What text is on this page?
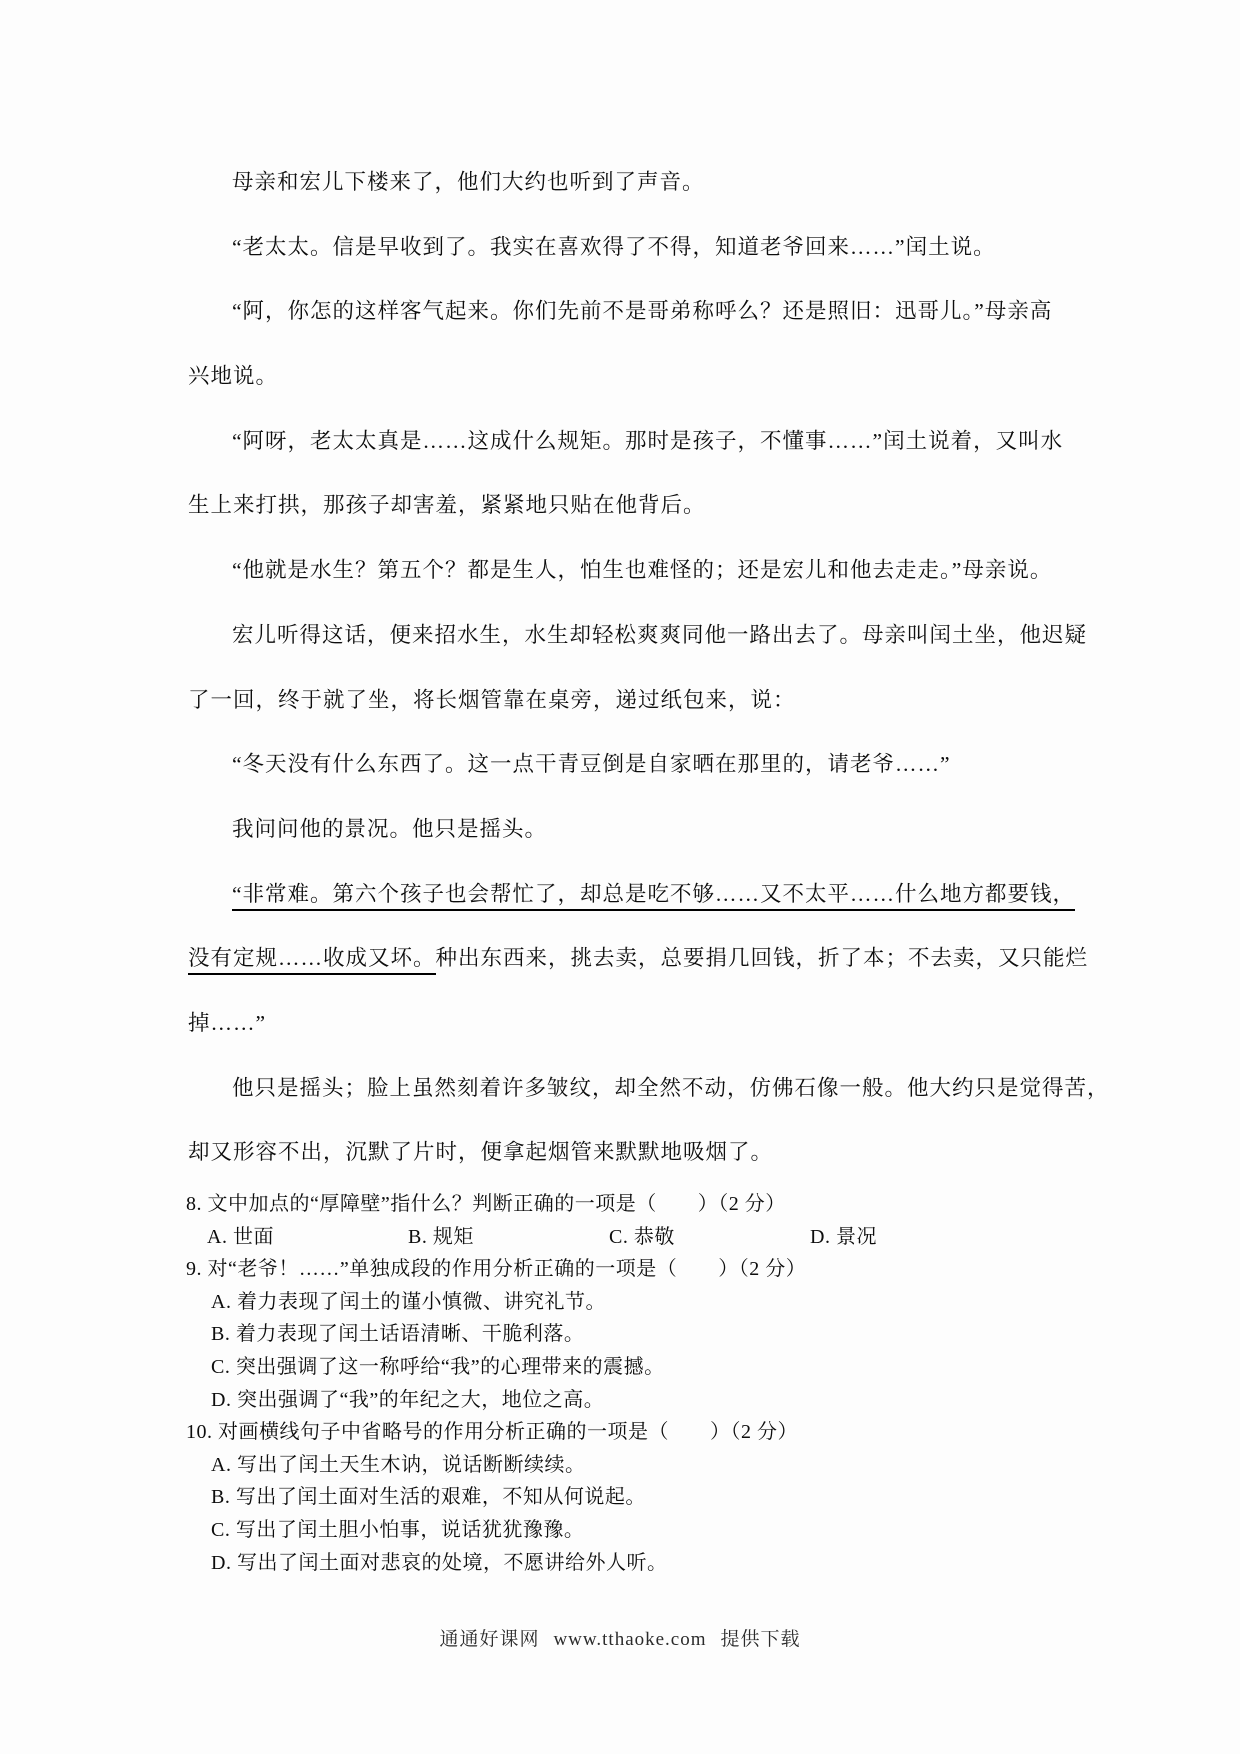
母亲和宏儿下楼来了，他们大约也听到了声音。
“老太太。信是早收到了。我实在喜欢得了不得，知道老爷回来……”闰土说。
“阿，你怎的这样客气起来。你们先前不是哥弟称呼么？还是照旧：迅哥儿。”母亲高
兴地说。
“阿呀，老太太真是……这成什么规矩。那时是孩子，不懂事……”闰土说着，又叫水
生上来打拱，那孩子却害羞，紧紧地只贴在他背后。
“他就是水生？第五个？都是生人，怕生也难怪的；还是宏儿和他去走走。”母亲说。
宏儿听得这话，便来招水生，水生却轻松爽爽同他一路出去了。母亲叫闰土坐，他迟疑
了一回，终于就了坐，将长烟管靠在桌旁，递过纸包来，说：
“冬天没有什么东西了。这一点干青豆倒是自家晒在那里的，请老爷……”
我问问他的景况。他只是摇头。
“非常难。第六个孩子也会帮忙了，却总是吃不够……又不太平……什么地方都要钱，
没有定规……收成又坏。种出东西来，挑去卖，总要捐几回钱，折了本；不去卖，又只能烂
掉……”
他只是摇头；脸上虽然刻着许多皱纹，却全然不动，仿佛石像一般。他大约只是觉得苦，
却又形容不出，沉默了片时，便拿起烟管来默默地吸烟了。
8. 文中加点的“厚障壁”指什么？判断正确的一项是（　　）（2 分）
A. 世面	B. 规矩	C. 恭敬	D. 景况
9. 对“老爷！……”单独成段的作用分析正确的一项是（　　）（2 分）
A. 着力表现了闰土的谨小慎微、讲究礼节。
B. 着力表现了闰土话语清晰、干脆利落。
C. 突出强调了这一称呼给“我”的心理带来的震撼。
D. 突出强调了“我”的年纪之大，地位之高。
10. 对画横线句子中省略号的作用分析正确的一项是（　　）（2 分）
A. 写出了闰土天生木讷，说话断断续续。
B. 写出了闰土面对生活的艰难，不知从何说起。
C. 写出了闰土胆小怕事，说话犹犹豫豫。
D. 写出了闰土面对悲哀的处境，不愿讲给外人听。
通通好课网 www.tthaoke.com 提供下载
